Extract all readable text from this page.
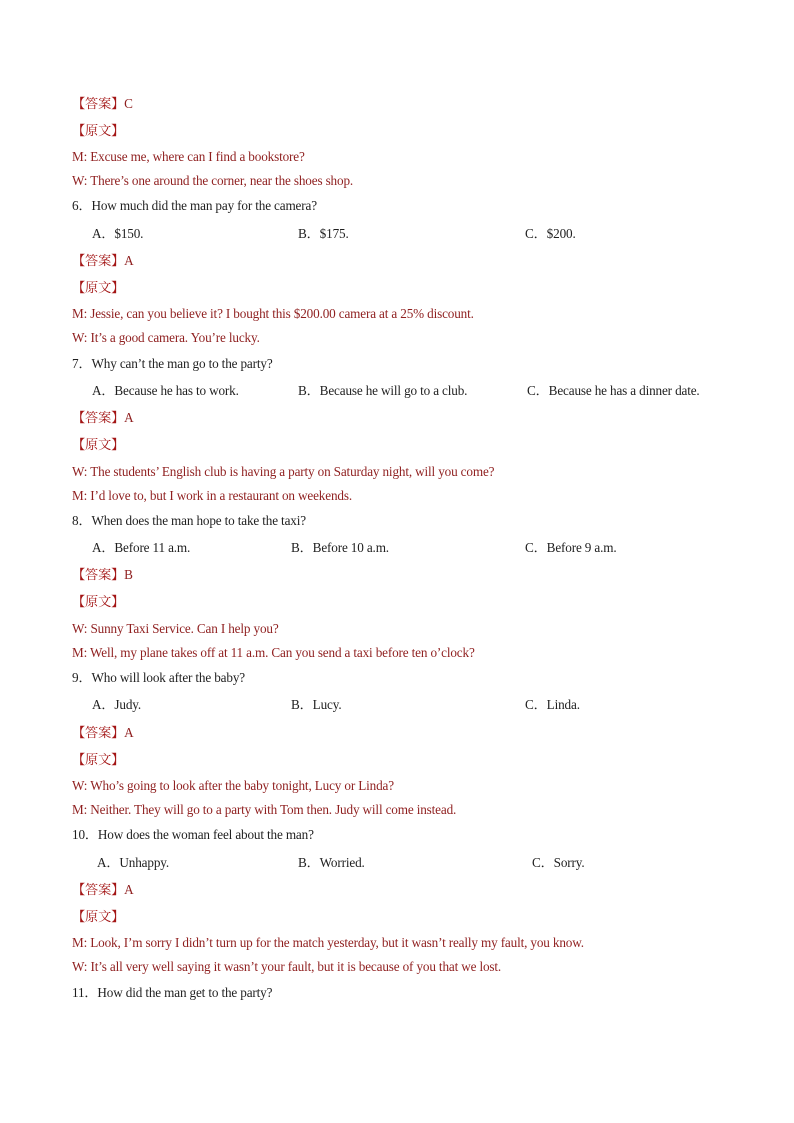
【答案】C
【原文】
M: Excuse me, where can I find a bookstore?
W: There’s one around the corner, near the shoes shop.
6．How much did the man pay for the camera?
A．$150.	B．$175.	C．$200.
【答案】A
【原文】
M: Jessie, can you believe it? I bought this $200.00 camera at a 25% discount.
W: It’s a good camera. You’re lucky.
7．Why can’t the man go to the party?
A．Because he has to work.	B．Because he will go to a club.	C．Because he has a dinner date.
【答案】A
【原文】
W: The students’ English club is having a party on Saturday night, will you come?
M: I’d love to, but I work in a restaurant on weekends.
8．When does the man hope to take the taxi?
A．Before 11 a.m.	B．Before 10 a.m.	C．Before 9 a.m.
【答案】B
【原文】
W: Sunny Taxi Service. Can I help you?
M: Well, my plane takes off at 11 a.m. Can you send a taxi before ten o’clock?
9．Who will look after the baby?
A．Judy.	B．Lucy.	C．Linda.
【答案】A
【原文】
W: Who’s going to look after the baby tonight, Lucy or Linda?
M: Neither. They will go to a party with Tom then. Judy will come instead.
10．How does the woman feel about the man?
A．Unhappy.	B．Worried.	C．Sorry.
【答案】A
【原文】
M: Look, I’m sorry I didn’t turn up for the match yesterday, but it wasn’t really my fault, you know.
W: It’s all very well saying it wasn’t your fault, but it is because of you that we lost.
11．How did the man get to the party?
